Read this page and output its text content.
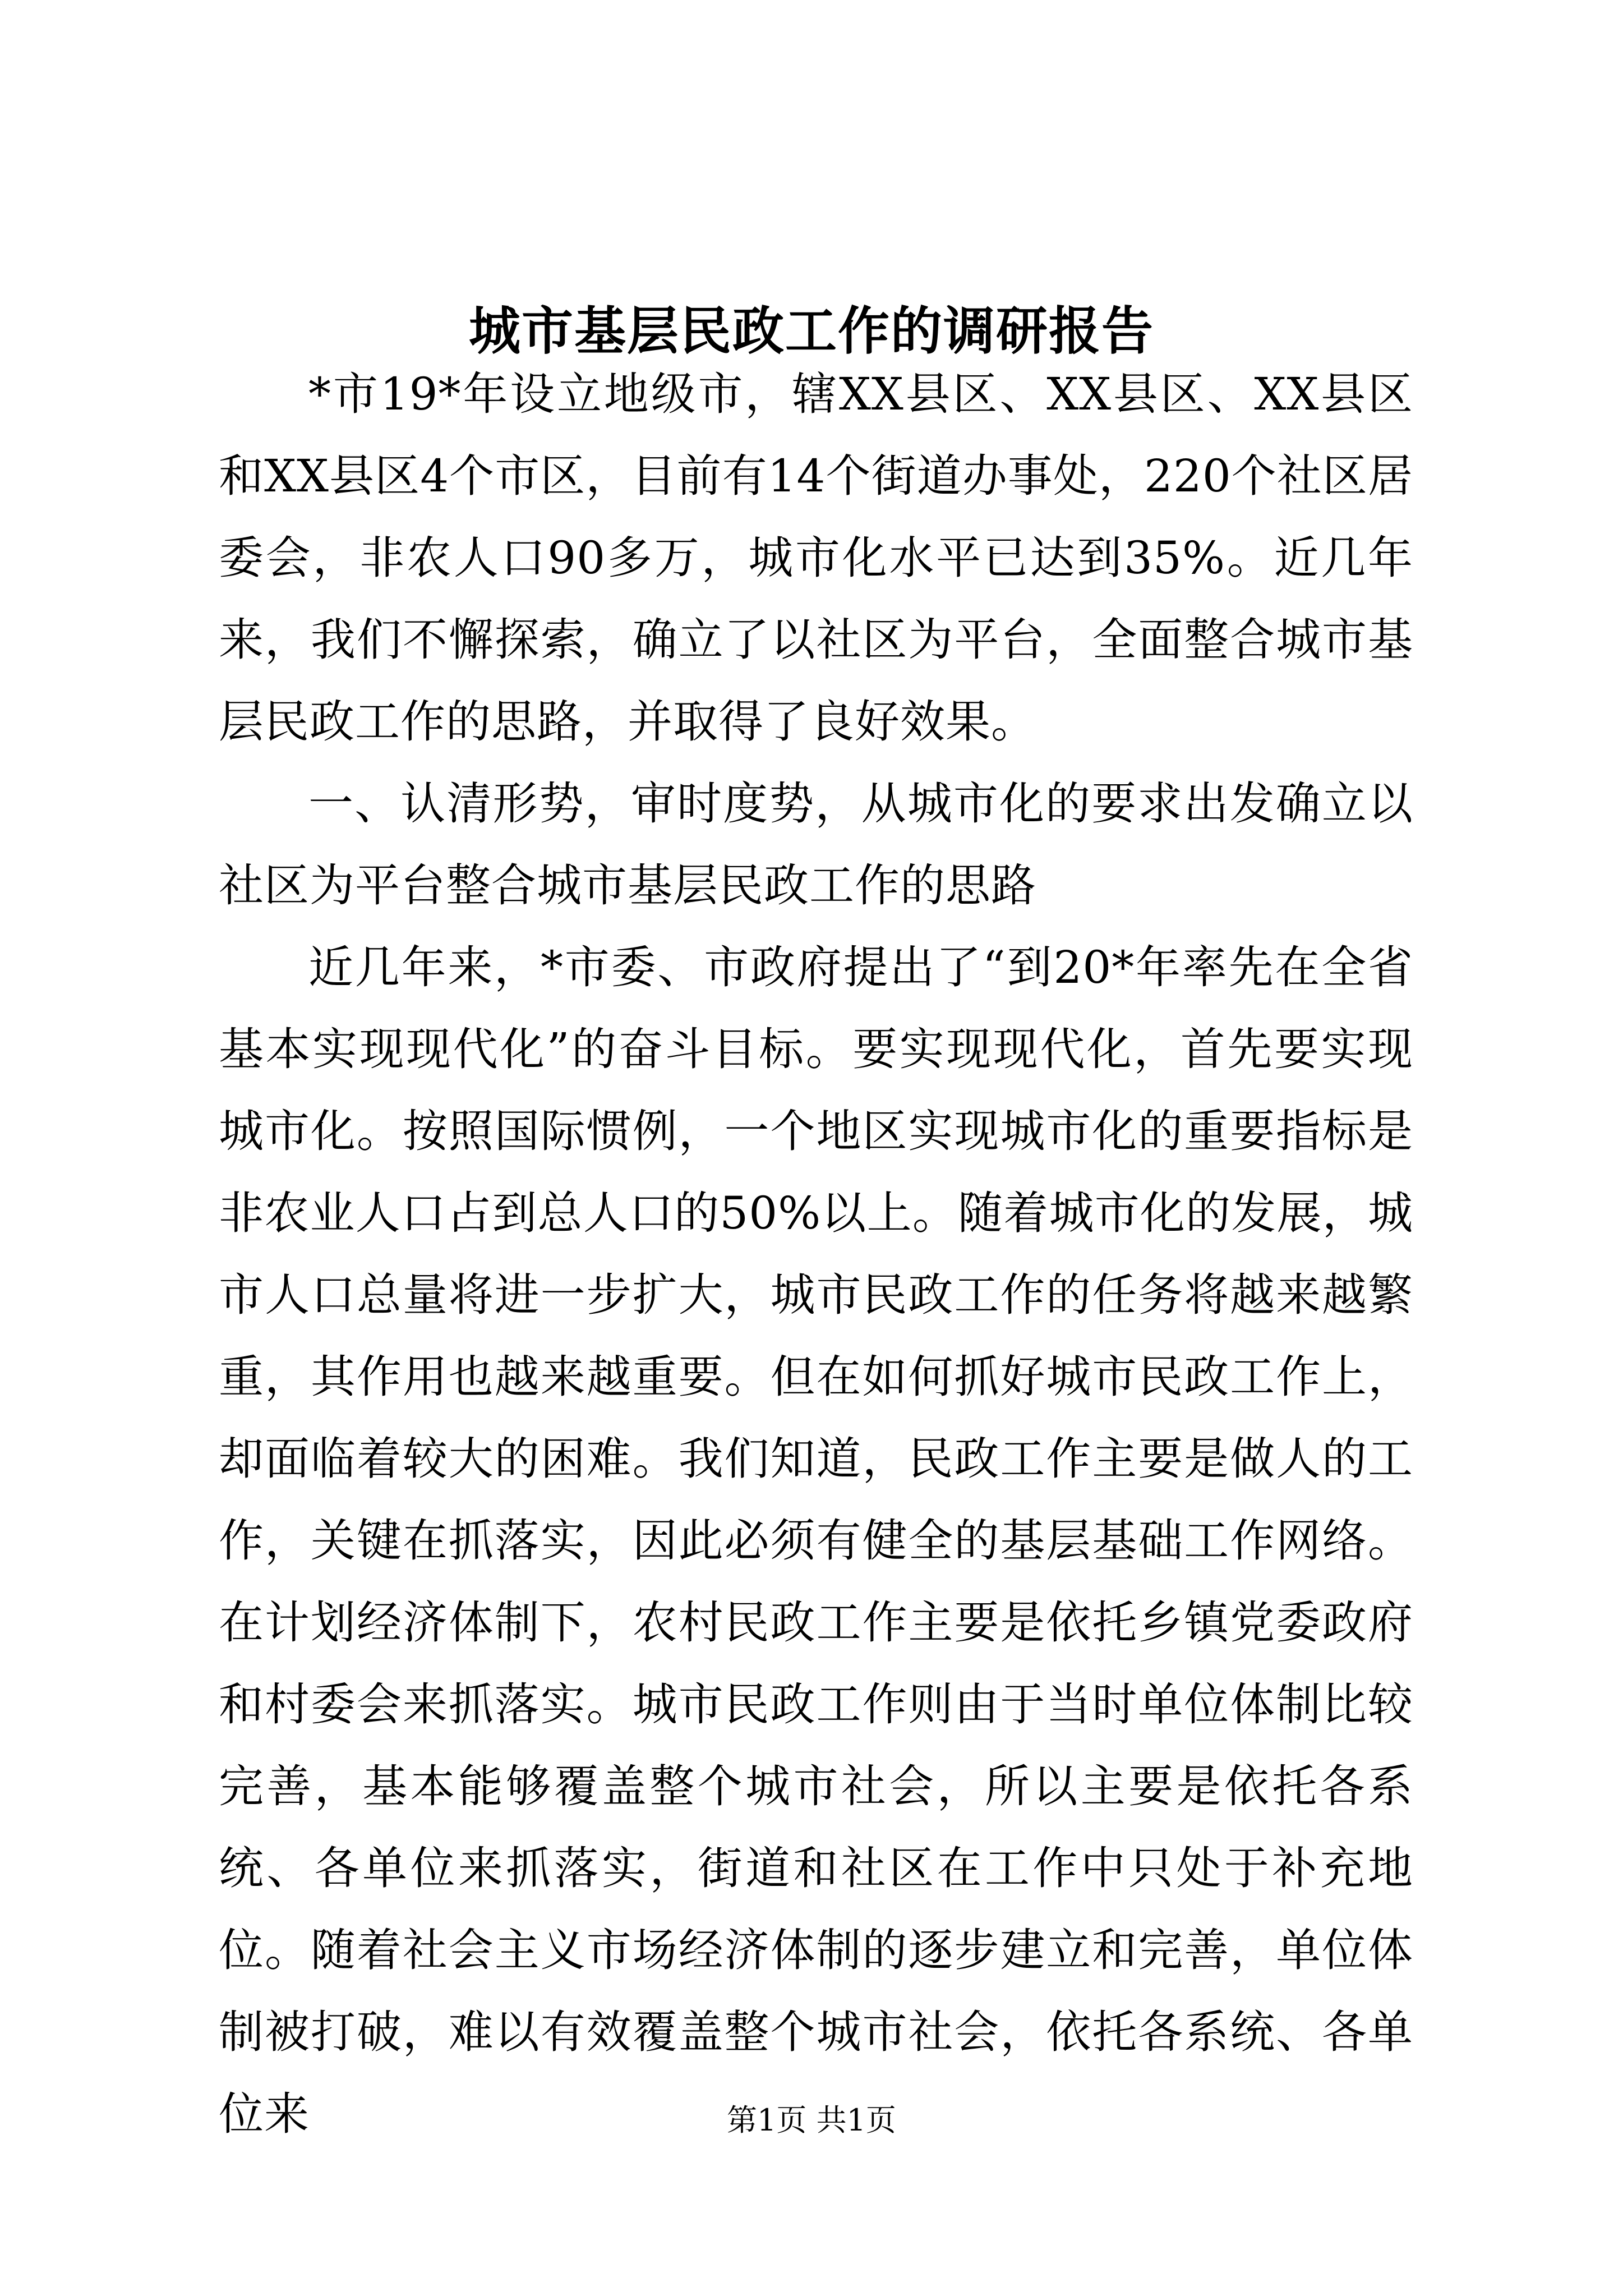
城市基层民政工作的调研报告

*市19*年设立地级市，辖XX县区、XX县区、XX县区和XX县区4个市区，目前有14个街道办事处，220个社区居委会，非农人口90多万，城市化水平已达到35%。近几年来，我们不懈探索，确立了以社区为平台，全面整合城市基层民政工作的思路，并取得了良好效果。

一、认清形势，审时度势，从城市化的要求出发确立以社区为平台整合城市基层民政工作的思路

近几年来，*市委、市政府提出了“到20*年率先在全省基本实现现代化”的奋斗目标。要实现现代化，首先要实现城市化。按照国际惯例，一个地区实现城市化的重要指标是非农业人口占到总人口的50%以上。随着城市化的发展，城市人口总量将进一步扩大，城市民政工作的任务将越来越繁重，其作用也越来越重要。但在如何抓好城市民政工作上，却面临着较大的困难。我们知道，民政工作主要是做人的工作，关键在抓落实，因此必须有健全的基层基础工作网络。在计划经济体制下，农村民政工作主要是依托乡镇党委政府和村委会来抓落实。城市民政工作则由于当时单位体制比较完善，基本能够覆盖整个城市社会，所以主要是依托各系统、各单位来抓落实，街道和社区在工作中只处于补充地位。随着社会主义市场经济体制的逐步建立和完善，单位体制被打破，难以有效覆盖整个城市社会，依托各系统、各单位来	第1页 共1页
